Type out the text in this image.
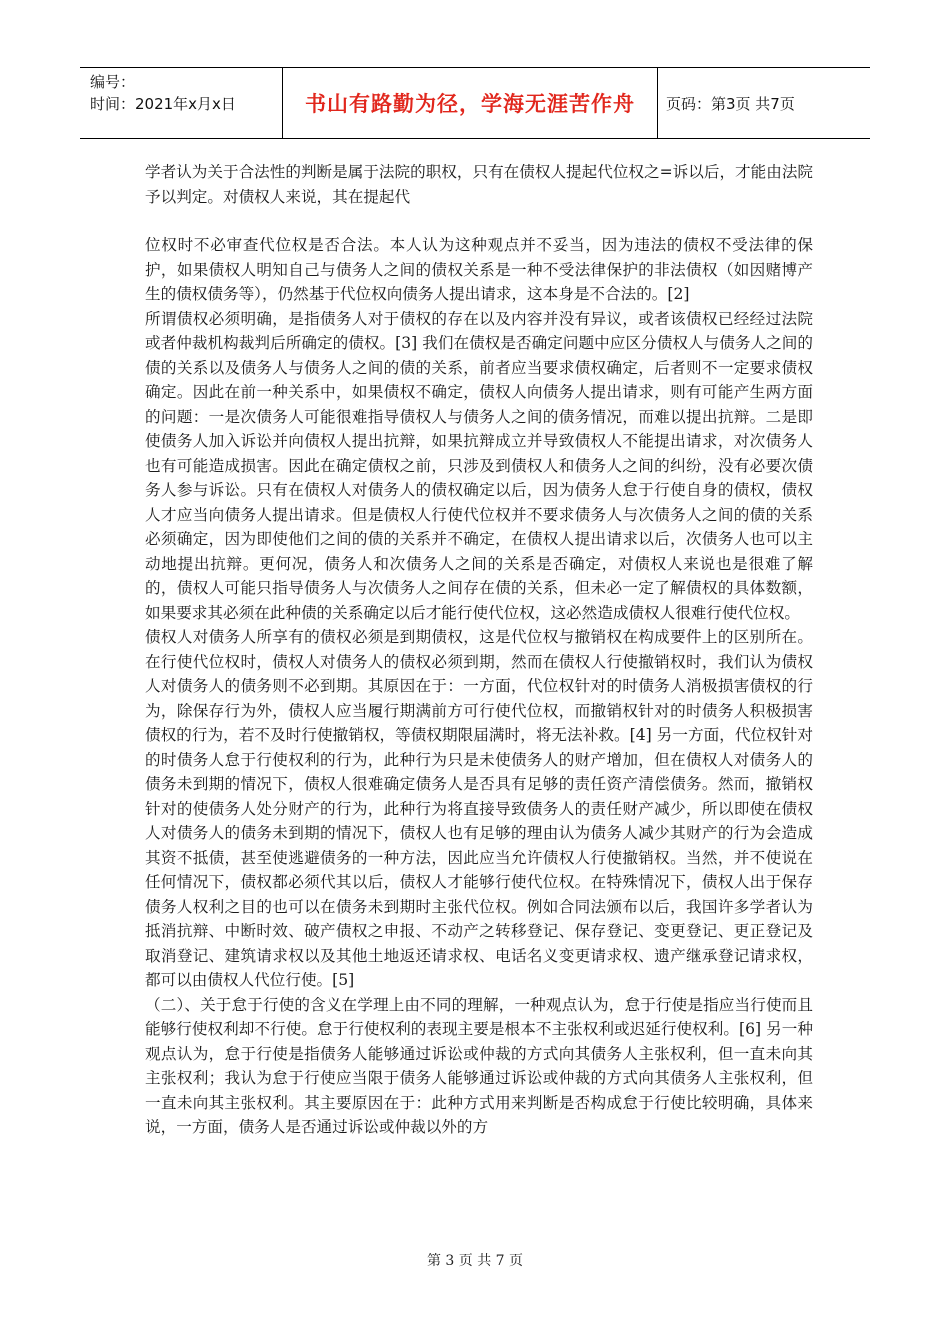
编号：
时间：2021年x月x日	书山有路勤为径，学海无涯苦作舟 页码：第3页 共7页

学者认为关于合法性的判断是属于法院的职权，只有在债权人提起代位权之=诉以后，才能由法院予以判定。对债权人来说，其在提起代

位权时不必审查代位权是否合法。本人认为这种观点并不妥当，因为违法的债权不受法律的保护，如果债权人明知自己与债务人之间的债权关系是一种不受法律保护的非法债权（如因赌博产生的债权债务等），仍然基于代位权向债务人提出请求，这本身是不合法的。[2]

所谓债权必须明确，是指债务人对于债权的存在以及内容并没有异议，或者该债权已经经过法院或者仲裁机构裁判后所确定的债权。[3] 我们在债权是否确定问题中应区分债权人与债务人之间的债的关系以及债务人与债务人之间的债的关系，前者应当要求债权确定，后者则不一定要求债权确定。因此在前一种关系中，如果债权不确定，债权人向债务人提出请求，则有可能产生两方面的问题：一是次债务人可能很难指导债权人与债务人之间的债务情况，而难以提出抗辩。二是即使债务人加入诉讼并向债权人提出抗辩，如果抗辩成立并导致债权人不能提出请求，对次债务人也有可能造成损害。因此在确定债权之前，只涉及到债权人和债务人之间的纠纷，没有必要次债务人参与诉讼。只有在债权人对债务人的债权确定以后，因为债务人怠于行使自身的债权，债权人才应当向债务人提出请求。但是债权人行使代位权并不要求债务人与次债务人之间的债的关系必须确定，因为即使他们之间的债的关系并不确定，在债权人提出请求以后，次债务人也可以主动地提出抗辩。更何况，债务人和次债务人之间的关系是否确定，对债权人来说也是很难了解的，债权人可能只指导债务人与次债务人之间存在债的关系，但未必一定了解债权的具体数额，如果要求其必须在此种债的关系确定以后才能行使代位权，这必然造成债权人很难行使代位权。

债权人对债务人所享有的债权必须是到期债权，这是代位权与撤销权在构成要件上的区别所在。在行使代位权时，债权人对债务人的债权必须到期，然而在债权人行使撤销权时，我们认为债权人对债务人的债务则不必到期。其原因在于：一方面，代位权针对的时债务人消极损害债权的行为，除保存行为外，债权人应当履行期满前方可行使代位权，而撤销权针对的时债务人积极损害债权的行为，若不及时行使撤销权，等债权期限届满时，将无法补救。[4] 另一方面，代位权针对的时债务人怠于行使权利的行为，此种行为只是未使债务人的财产增加，但在债权人对债务人的债务未到期的情况下，债权人很难确定债务人是否具有足够的责任资产清偿债务。然而，撤销权针对的使债务人处分财产的行为，此种行为将直接导致债务人的责任财产减少，所以即使在债权人对债务人的债务未到期的情况下，债权人也有足够的理由认为债务人减少其财产的行为会造成其资不抵债，甚至使逃避债务的一种方法，因此应当允许债权人行使撤销权。当然，并不使说在任何情况下，债权都必须代其以后，债权人才能够行使代位权。在特殊情况下，债权人出于保存债务人权利之目的也可以在债务未到期时主张代位权。例如合同法颁布以后，我国许多学者认为抵消抗辩、中断时效、破产债权之申报、不动产之转移登记、保存登记、变更登记、更正登记及取消登记、建筑请求权以及其他土地返还请求权、电话名义变更请求权、遗产继承登记请求权，都可以由债权人代位行使。[5]

（二）、关于怠于行使的含义在学理上由不同的理解，一种观点认为，怠于行使是指应当行使而且能够行使权利却不行使。怠于行使权利的表现主要是根本不主张权利或迟延行使权利。[6] 另一种观点认为，怠于行使是指债务人能够通过诉讼或仲裁的方式向其债务人主张权利，但一直未向其主张权利；我认为怠于行使应当限于债务人能够通过诉讼或仲裁的方式向其债务人主张权利，但一直未向其主张权利。其主要原因在于：此种方式用来判断是否构成怠于行使比较明确，具体来说，一方面，债务人是否通过诉讼或仲裁以外的方

第 3 页 共 7 页
